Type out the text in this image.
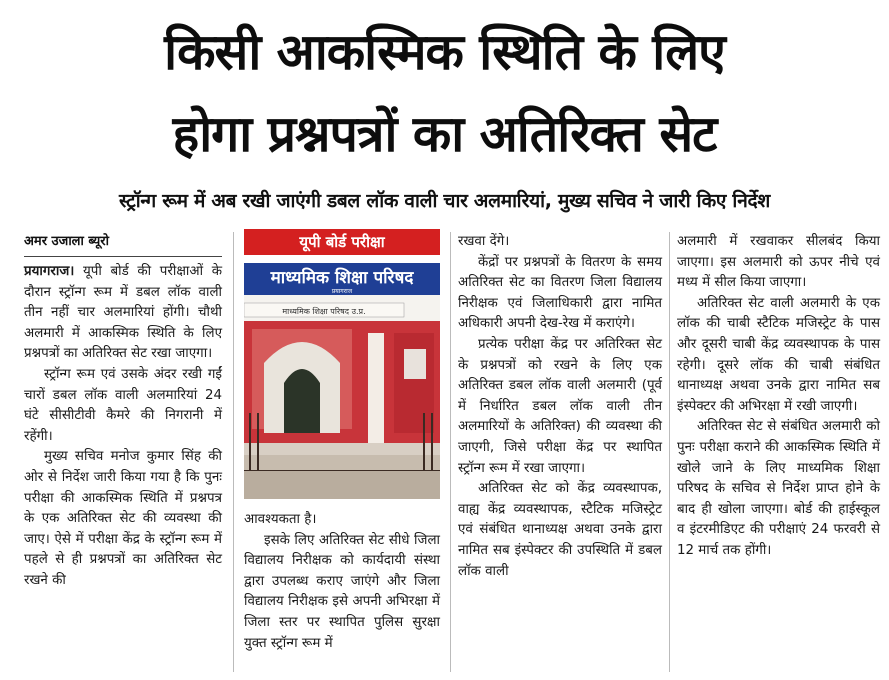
किसी आकस्मिक स्थिति के लिए
होगा प्रश्नपत्रों का अतिरिक्त सेट
स्ट्रॉन्ग रूम में अब रखी जाएंगी डबल लॉक वाली चार अलमारियां, मुख्य सचिव ने जारी किए निर्देश
अमर उजाला ब्यूरो

प्रयागराज। यूपी बोर्ड की परीक्षाओं के दौरान स्ट्रॉन्ग रूम में डबल लॉक वाली तीन नहीं चार अलमारियां होंगी। चौथी अलमारी में आकस्मिक स्थिति के लिए प्रश्नपत्रों का अतिरिक्त सेट रखा जाएगा।

स्ट्रॉन्ग रूम एवं उसके अंदर रखी गईं चारों डबल लॉक वाली अलमारियां 24 घंटे सीसीटीवी कैमरे की निगरानी में रहेंगी।

मुख्य सचिव मनोज कुमार सिंह की ओर से निर्देश जारी किया गया है कि पुनः परीक्षा की आकस्मिक स्थिति में प्रश्नपत्र के एक अतिरिक्त सेट की व्यवस्था की जाए। ऐसे में परीक्षा केंद्र के स्ट्रॉन्ग रूम में पहले से ही प्रश्नपत्रों का अतिरिक्त सेट रखने की

यूपी बोर्ड परीक्षा
माध्यमिक शिक्षा परिषद
प्रयागराज
माध्यमिक शिक्षा परिषद उ.प्र.

आवश्यकता है।

इसके लिए अतिरिक्त सेट सीधे जिला विद्यालय निरीक्षक को कार्यदायी संस्था द्वारा उपलब्ध कराए जाएंगे और जिला विद्यालय निरीक्षक इसे अपनी अभिरक्षा में जिला स्तर पर स्थापित पुलिस सुरक्षा युक्त स्ट्रॉन्ग रूम में

रखवा देंगे।

केंद्रों पर प्रश्नपत्रों के वितरण के समय अतिरिक्त सेट का वितरण जिला विद्यालय निरीक्षक एवं जिलाधिकारी द्वारा नामित अधिकारी अपनी देख-रेख में कराएंगे।

प्रत्येक परीक्षा केंद्र पर अतिरिक्त सेट के प्रश्नपत्रों को रखने के लिए एक अतिरिक्त डबल लॉक वाली अलमारी (पूर्व में निर्धारित डबल लॉक वाली तीन अलमारियों के अतिरिक्त) की व्यवस्था की जाएगी, जिसे परीक्षा केंद्र पर स्थापित स्ट्रॉन्ग रूम में रखा जाएगा।

अतिरिक्त सेट को केंद्र व्यवस्थापक, वाह्य केंद्र व्यवस्थापक, स्टैटिक मजिस्ट्रेट एवं संबंधित थानाध्यक्ष अथवा उनके द्वारा नामित सब इंस्पेक्टर की उपस्थिति में डबल लॉक वाली

अलमारी में रखवाकर सीलबंद किया जाएगा। इस अलमारी को ऊपर नीचे एवं मध्य में सील किया जाएगा।

अतिरिक्त सेट वाली अलमारी के एक लॉक की चाबी स्टैटिक मजिस्ट्रेट के पास और दूसरी चाबी केंद्र व्यवस्थापक के पास रहेगी। दूसरे लॉक की चाबी संबंधित थानाध्यक्ष अथवा उनके द्वारा नामित सब इंस्पेक्टर की अभिरक्षा में रखी जाएगी।

अतिरिक्त सेट से संबंधित अलमारी को पुनः परीक्षा कराने की आकस्मिक स्थिति में खोले जाने के लिए माध्यमिक शिक्षा परिषद के सचिव से निर्देश प्राप्त होने के बाद ही खोला जाएगा। बोर्ड की हाईस्कूल व इंटरमीडिएट की परीक्षाएं 24 फरवरी से 12 मार्च तक होंगी।
